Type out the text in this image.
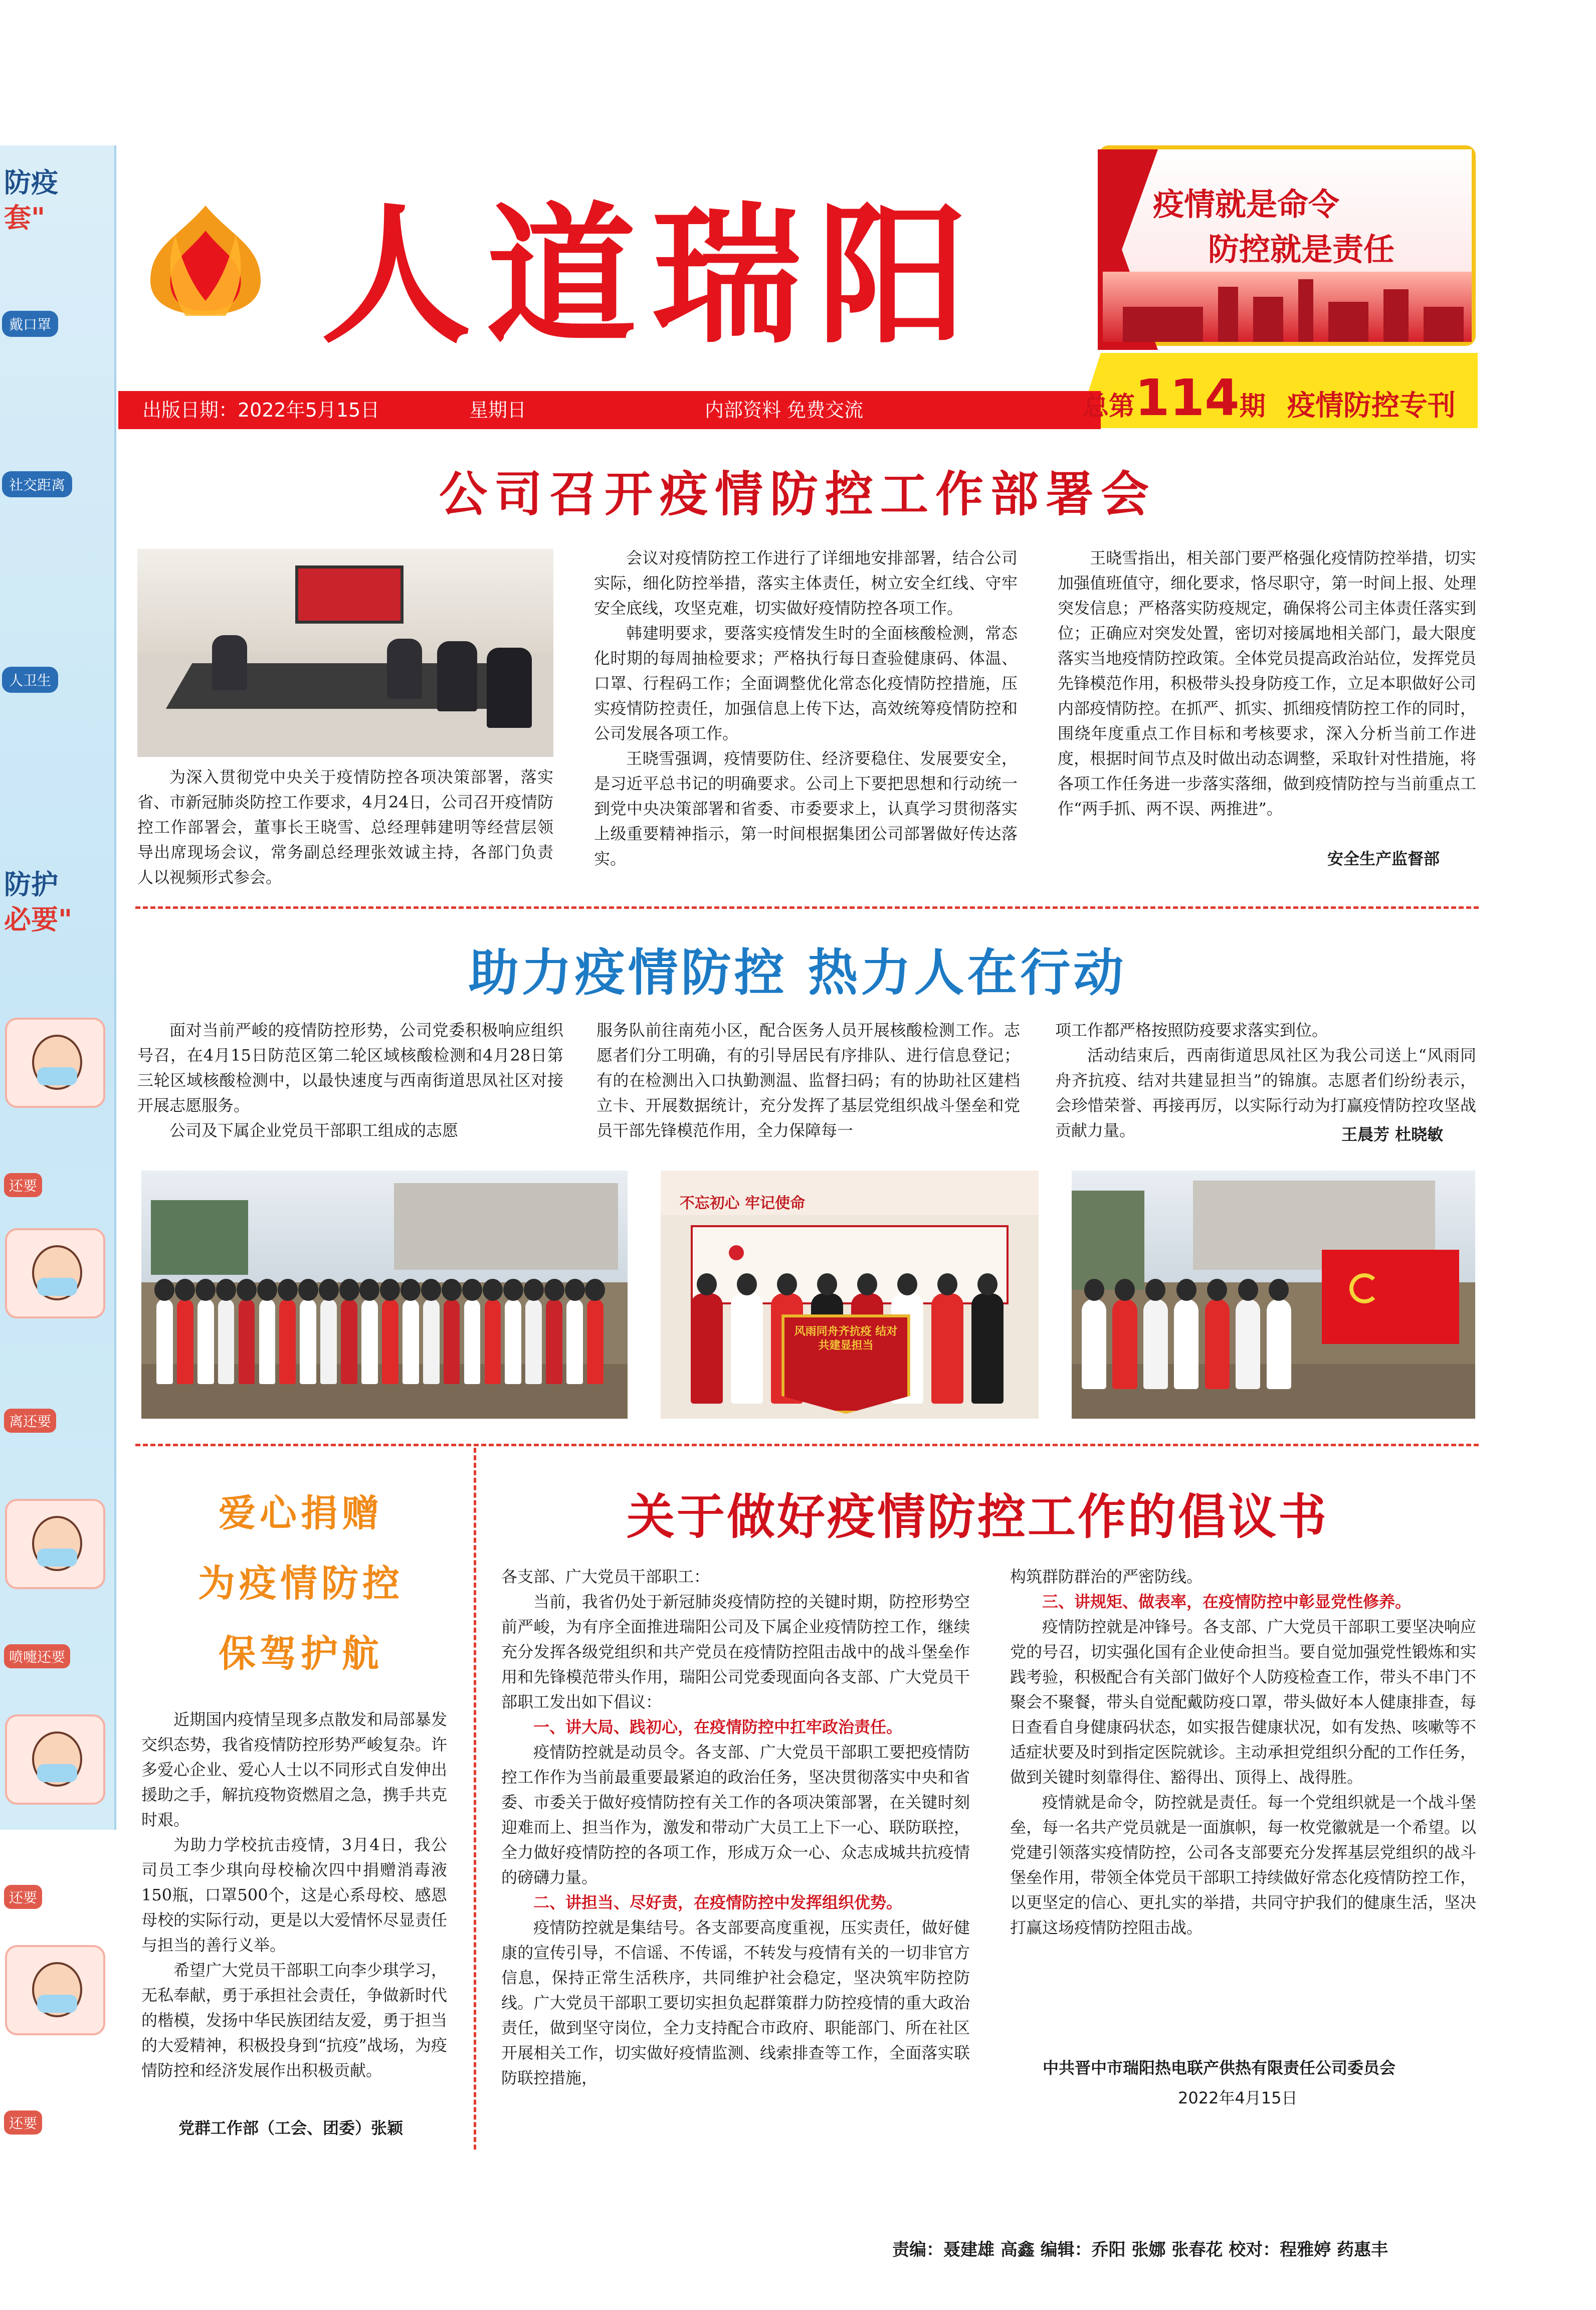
防疫
套"
戴口罩
社交距离
人卫生
防护
必要"
还要
离还要
喷嚏还要
还要
还要
人道瑞阳	疫情就是命令
防控就是责任
出版日期：2022年5月15日	星期日	内部资料 免费交流	总第114期 疫情防控专刊
公司召开疫情防控工作部署会

为深入贯彻党中央关于疫情防控各项决策部署，落实省、市新冠肺炎防控工作要求，4月24日，公司召开疫情防控工作部署会，董事长王晓雪、总经理韩建明等经营层领导出席现场会议，常务副总经理张效诚主持，各部门负责人以视频形式参会。

会议对疫情防控工作进行了详细地安排部署，结合公司实际，细化防控举措，落实主体责任，树立安全红线、守牢安全底线，攻坚克难，切实做好疫情防控各项工作。

韩建明要求，要落实疫情发生时的全面核酸检测，常态化时期的每周抽检要求；严格执行每日查验健康码、体温、口罩、行程码工作；全面调整优化常态化疫情防控措施，压实疫情防控责任，加强信息上传下达，高效统筹疫情防控和公司发展各项工作。

王晓雪强调，疫情要防住、经济要稳住、发展要安全，是习近平总书记的明确要求。公司上下要把思想和行动统一到党中央决策部署和省委、市委要求上，认真学习贯彻落实上级重要精神指示，第一时间根据集团公司部署做好传达落实。

王晓雪指出，相关部门要严格强化疫情防控举措，切实加强值班值守，细化要求，恪尽职守，第一时间上报、处理突发信息；严格落实防疫规定，确保将公司主体责任落实到位；正确应对突发处置，密切对接属地相关部门，最大限度落实当地疫情防控政策。全体党员提高政治站位，发挥党员先锋模范作用，积极带头投身防疫工作，立足本职做好公司内部疫情防控。在抓严、抓实、抓细疫情防控工作的同时，围绕年度重点工作目标和考核要求，深入分析当前工作进度，根据时间节点及时做出动态调整，采取针对性措施，将各项工作任务进一步落实落细，做到疫情防控与当前重点工作“两手抓、两不误、两推进”。

安全生产监督部
助力疫情防控 热力人在行动

面对当前严峻的疫情防控形势，公司党委积极响应组织号召，在4月15日防范区第二轮区域核酸检测和4月28日第三轮区域核酸检测中，以最快速度与西南街道思凤社区对接开展志愿服务。

公司及下属企业党员干部职工组成的志愿

服务队前往南苑小区，配合医务人员开展核酸检测工作。志愿者们分工明确，有的引导居民有序排队、进行信息登记；有的在检测出入口执勤测温、监督扫码；有的协助社区建档立卡、开展数据统计，充分发挥了基层党组织战斗堡垒和党员干部先锋模范作用，全力保障每一

项工作都严格按照防疫要求落实到位。

活动结束后，西南街道思凤社区为我公司送上“风雨同舟齐抗疫、结对共建显担当”的锦旗。志愿者们纷纷表示，会珍惜荣誉、再接再厉，以实际行动为打赢疫情防控攻坚战贡献力量。	王晨芳 杜晓敏
不忘初心 牢记使命
风雨同舟齐抗疫 结对共建显担当
爱心捐赠
为疫情防控
保驾护航

近期国内疫情呈现多点散发和局部暴发交织态势，我省疫情防控形势严峻复杂。许多爱心企业、爱心人士以不同形式自发伸出援助之手，解抗疫物资燃眉之急，携手共克时艰。

为助力学校抗击疫情，3月4日，我公司员工李少琪向母校榆次四中捐赠消毒液150瓶，口罩500个，这是心系母校、感恩母校的实际行动，更是以大爱情怀尽显责任与担当的善行义举。

希望广大党员干部职工向李少琪学习，无私奉献，勇于承担社会责任，争做新时代的楷模，发扬中华民族团结友爱，勇于担当的大爱精神，积极投身到“抗疫”战场，为疫情防控和经济发展作出积极贡献。

党群工作部（工会、团委）张颖
关于做好疫情防控工作的倡议书

各支部、广大党员干部职工：

当前，我省仍处于新冠肺炎疫情防控的关键时期，防控形势空前严峻，为有序全面推进瑞阳公司及下属企业疫情防控工作，继续充分发挥各级党组织和共产党员在疫情防控阻击战中的战斗堡垒作用和先锋模范带头作用，瑞阳公司党委现面向各支部、广大党员干部职工发出如下倡议：

一、讲大局、践初心，在疫情防控中扛牢政治责任。

疫情防控就是动员令。各支部、广大党员干部职工要把疫情防控工作作为当前最重要最紧迫的政治任务，坚决贯彻落实中央和省委、市委关于做好疫情防控有关工作的各项决策部署，在关键时刻迎难而上、担当作为，激发和带动广大员工上下一心、联防联控，全力做好疫情防控的各项工作，形成万众一心、众志成城共抗疫情的磅礴力量。

二、讲担当、尽好责，在疫情防控中发挥组织优势。

疫情防控就是集结号。各支部要高度重视，压实责任，做好健康的宣传引导，不信谣、不传谣，不转发与疫情有关的一切非官方信息，保持正常生活秩序，共同维护社会稳定，坚决筑牢防控防线。广大党员干部职工要切实担负起群策群力防控疫情的重大政治责任，做到坚守岗位，全力支持配合市政府、职能部门、所在社区开展相关工作，切实做好疫情监测、线索排查等工作，全面落实联防联控措施，

构筑群防群治的严密防线。

三、讲规矩、做表率，在疫情防控中彰显党性修养。

疫情防控就是冲锋号。各支部、广大党员干部职工要坚决响应党的号召，切实强化国有企业使命担当。要自觉加强党性锻炼和实践考验，积极配合有关部门做好个人防疫检查工作，带头不串门不聚会不聚餐，带头自觉配戴防疫口罩，带头做好本人健康排查，每日查看自身健康码状态，如实报告健康状况，如有发热、咳嗽等不适症状要及时到指定医院就诊。主动承担党组织分配的工作任务，做到关键时刻靠得住、豁得出、顶得上、战得胜。

疫情就是命令，防控就是责任。每一个党组织就是一个战斗堡垒，每一名共产党员就是一面旗帜，每一枚党徽就是一个希望。以党建引领落实疫情防控，公司各支部要充分发挥基层党组织的战斗堡垒作用，带领全体党员干部职工持续做好常态化疫情防控工作，以更坚定的信心、更扎实的举措，共同守护我们的健康生活，坚决打赢这场疫情防控阻击战。

中共晋中市瑞阳热电联产供热有限责任公司委员会
2022年4月15日
责编：聂建雄 高鑫 编辑：乔阳 张娜 张春花 校对：程雅婷 药惠丰
